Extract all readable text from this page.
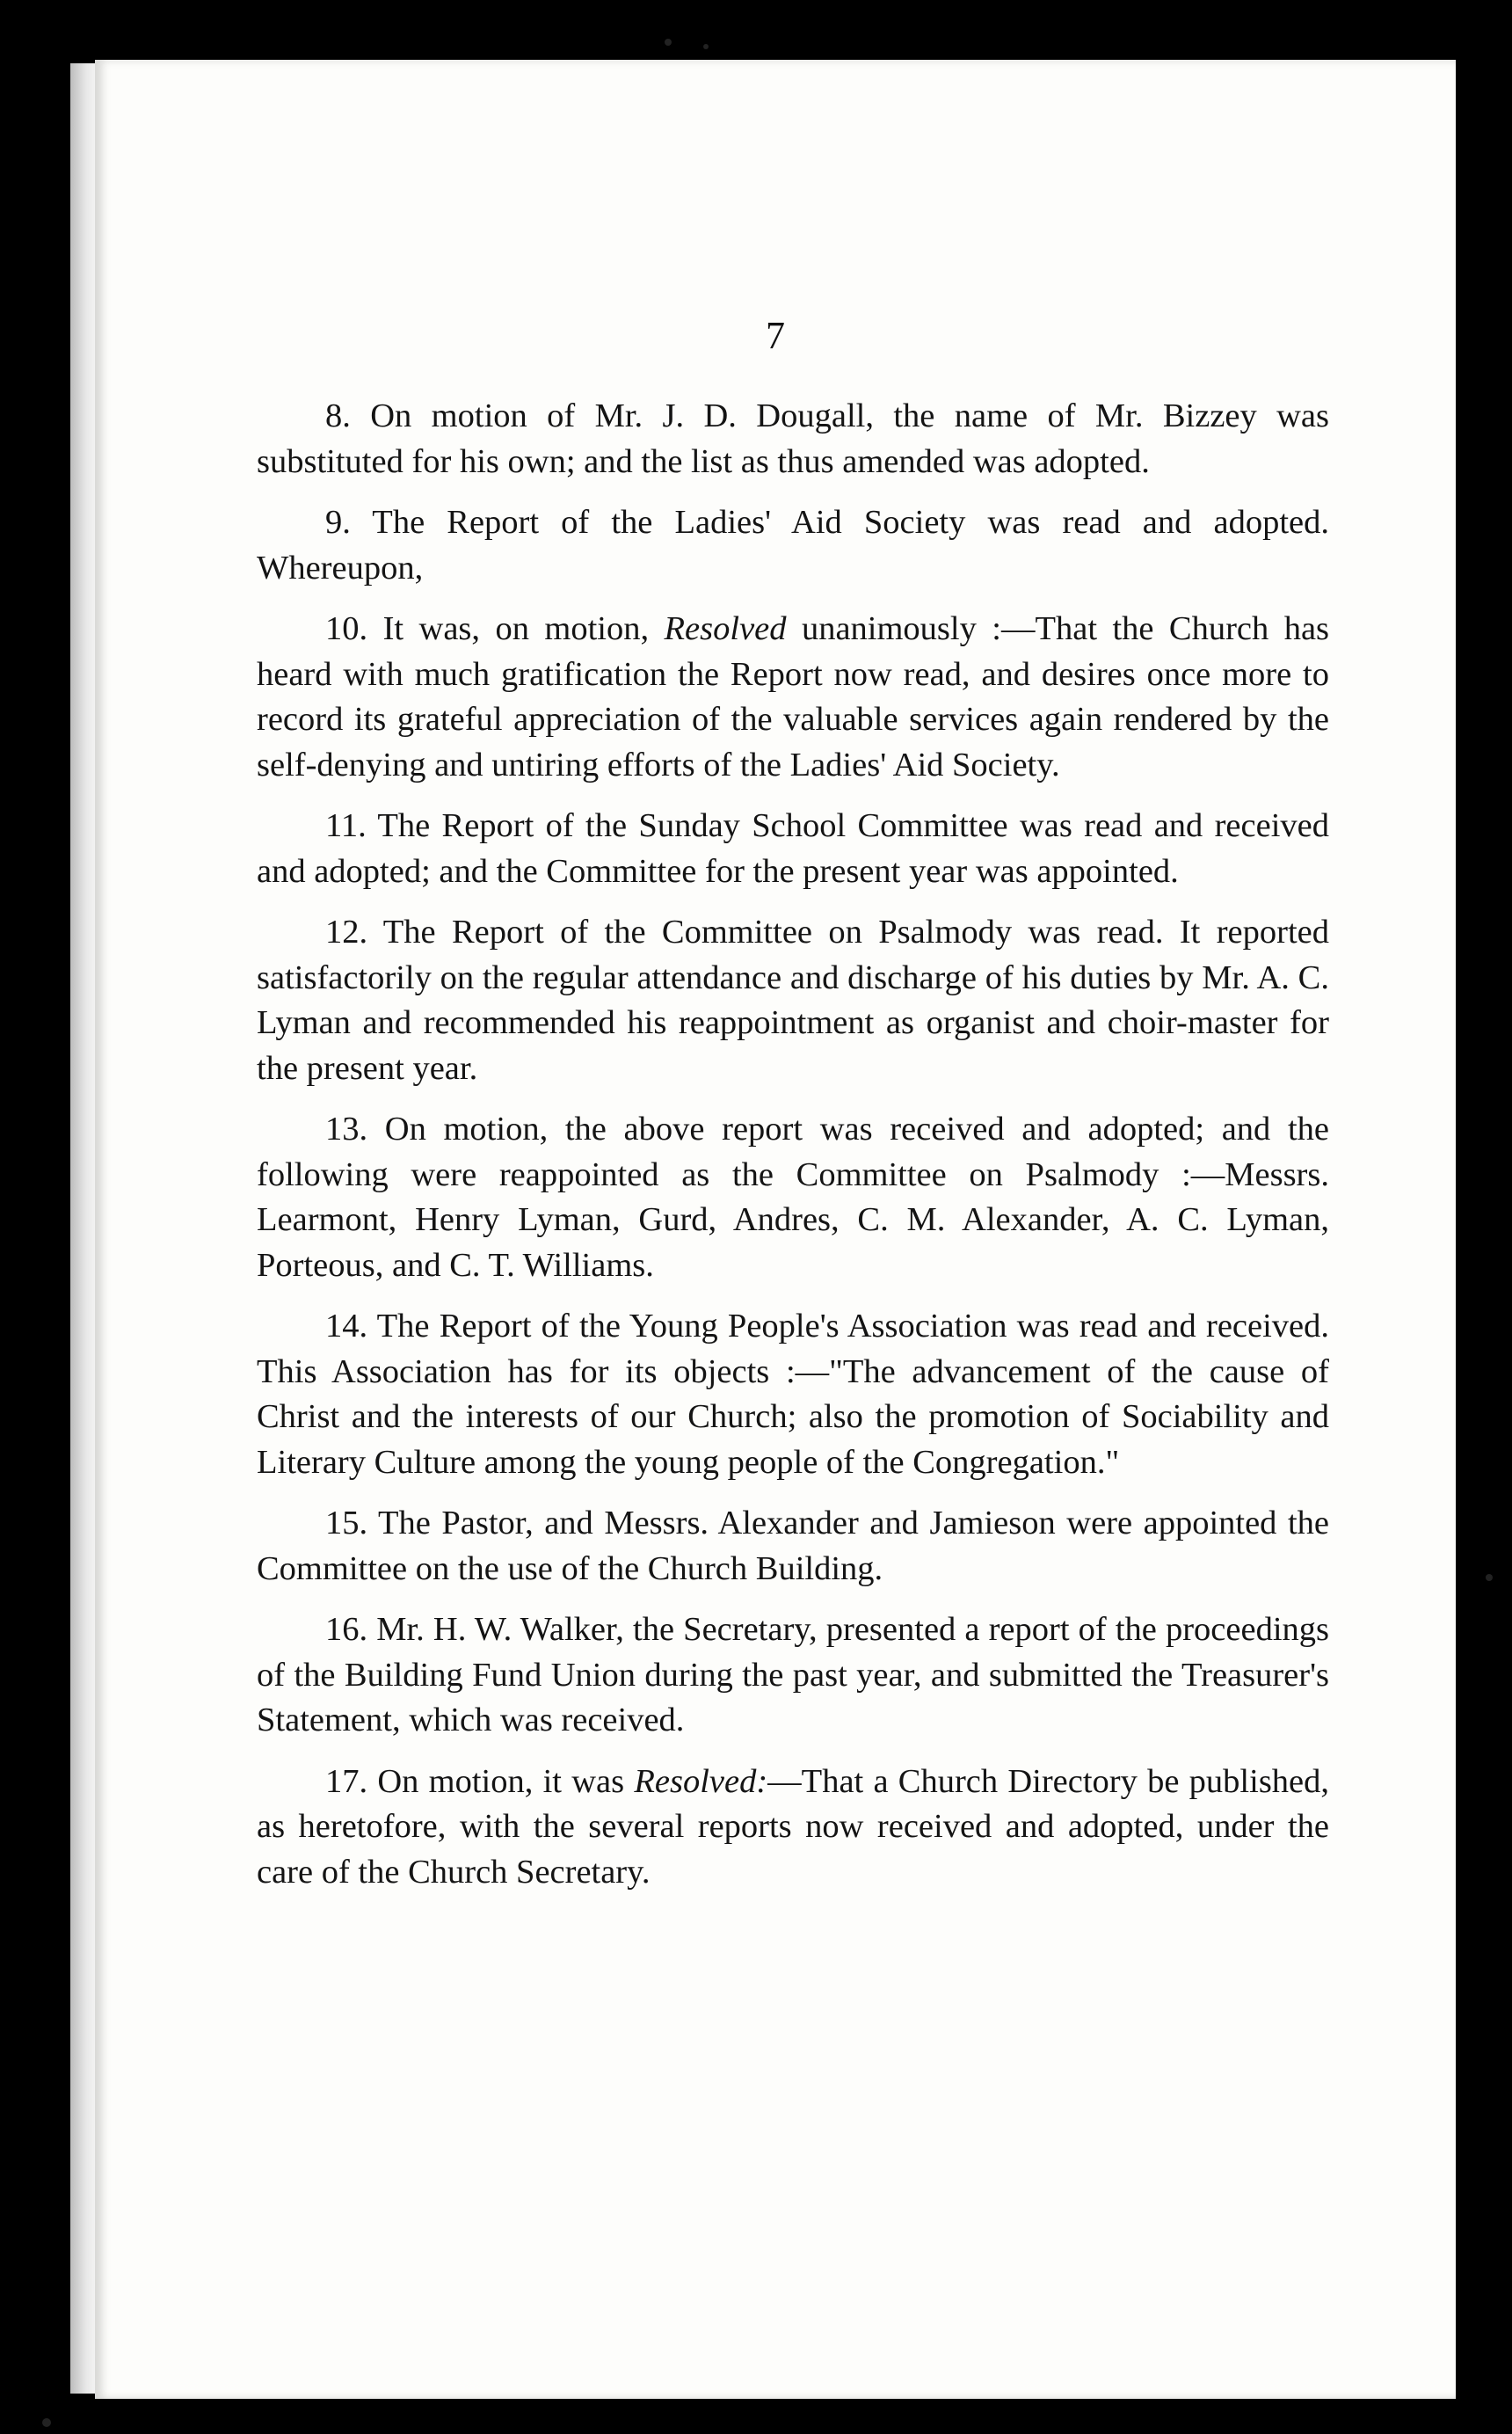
7

8. On motion of Mr. J. D. Dougall, the name of Mr. Bizzey was substituted for his own; and the list as thus amended was adopted.

9. The Report of the Ladies' Aid Society was read and adopted. Whereupon,

10. It was, on motion, Resolved unanimously :—That the Church has heard with much gratification the Report now read, and desires once more to record its grateful appreciation of the valuable services again rendered by the self-denying and untiring efforts of the Ladies' Aid Society.

11. The Report of the Sunday School Committee was read and received and adopted; and the Committee for the present year was appointed.

12. The Report of the Committee on Psalmody was read. It reported satisfactorily on the regular attendance and discharge of his duties by Mr. A. C. Lyman and recommended his reappointment as organist and choir-master for the present year.

13. On motion, the above report was received and adopted; and the following were reappointed as the Committee on Psalmody :—Messrs. Learmont, Henry Lyman, Gurd, Andres, C. M. Alexander, A. C. Lyman, Porteous, and C. T. Williams.

14. The Report of the Young People's Association was read and received. This Association has for its objects :—"The advancement of the cause of Christ and the interests of our Church; also the promotion of Sociability and Literary Culture among the young people of the Congregation."

15. The Pastor, and Messrs. Alexander and Jamieson were appointed the Committee on the use of the Church Building.

16. Mr. H. W. Walker, the Secretary, presented a report of the proceedings of the Building Fund Union during the past year, and submitted the Treasurer's Statement, which was received.

17. On motion, it was Resolved:—That a Church Directory be published, as heretofore, with the several reports now received and adopted, under the care of the Church Secretary.
